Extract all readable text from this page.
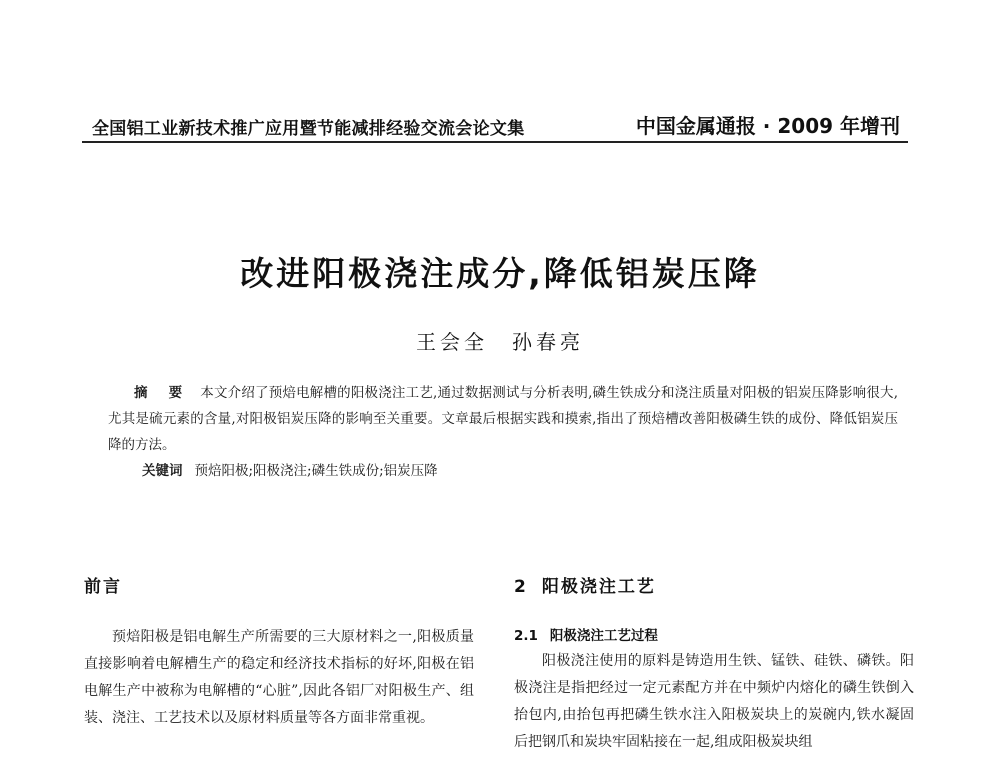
全国铝工业新技术推广应用暨节能减排经验交流会论文集	中国金属通报 · 2009 年增刊
改进阳极浇注成分,降低铝炭压降
王会全　孙春亮
摘 要 本文介绍了预焙电解槽的阳极浇注工艺,通过数据测试与分析表明,磷生铁成分和浇注质量对阳极的铝炭压降影响很大,尤其是硫元素的含量,对阳极铝炭压降的影响至关重要。文章最后根据实践和摸索,指出了预焙槽改善阳极磷生铁的成份、降低铝炭压降的方法。
关键词 预焙阳极;阳极浇注;磷生铁成份;铝炭压降
前言

预焙阳极是铝电解生产所需要的三大原材料之一,阳极质量直接影响着电解槽生产的稳定和经济技术指标的好坏,阳极在铝电解生产中被称为电解槽的“心脏”,因此各铝厂对阳极生产、组装、浇注、工艺技术以及原材料质量等各方面非常重视。

2 阳极浇注工艺
2.1 阳极浇注工艺过程

阳极浇注使用的原料是铸造用生铁、锰铁、硅铁、磷铁。阳极浇注是指把经过一定元素配方并在中频炉内熔化的磷生铁倒入抬包内,由抬包再把磷生铁水注入阳极炭块上的炭碗内,铁水凝固后把钢爪和炭块牢固粘接在一起,组成阳极炭块组
